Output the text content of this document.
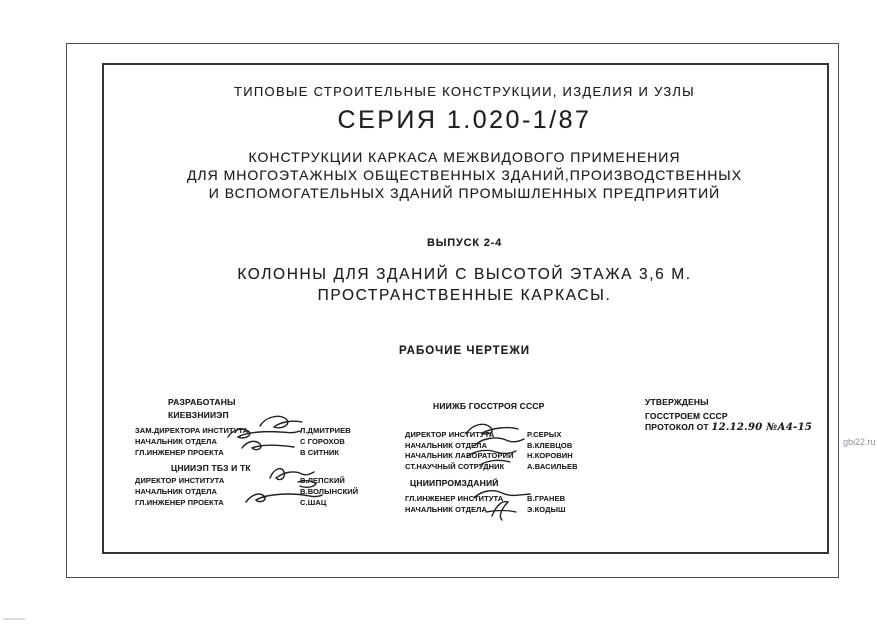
ТИПОВЫЕ СТРОИТЕЛЬНЫЕ КОНСТРУКЦИИ, ИЗДЕЛИЯ И УЗЛЫ
СЕРИЯ 1.020-1/87
КОНСТРУКЦИИ КАРКАСА МЕЖВИДОВОГО ПРИМЕНЕНИЯ
ДЛЯ МНОГОЭТАЖНЫХ ОБЩЕСТВЕННЫХ ЗДАНИЙ,ПРОИЗВОДСТВЕННЫХ
И ВСПОМОГАТЕЛЬНЫХ ЗДАНИЙ ПРОМЫШЛЕННЫХ ПРЕДПРИЯТИЙ
ВЫПУСК 2-4
КОЛОННЫ ДЛЯ ЗДАНИЙ С ВЫСОТОЙ ЭТАЖА 3,6 М.
ПРОСТРАНСТВЕННЫЕ КАРКАСЫ.
РАБОЧИЕ ЧЕРТЕЖИ
РАЗРАБОТАНЫ
КИЕВЗНИИЭП
ЗАМ.ДИРЕКТОРА ИНСТИТУТА	Л.ДМИТРИЕВ
НАЧАЛЬНИК ОТДЕЛА	С ГОРОХОВ
ГЛ.ИНЖЕНЕР ПРОЕКТА	В СИТНИК
ЦНИИЭП ТБЗ И ТК
ДИРЕКТОР ИНСТИТУТА	В.ЛЕПСКИЙ
НАЧАЛЬНИК ОТДЕЛА	В.ВОЛЫНСКИЙ
ГЛ.ИНЖЕНЕР ПРОЕКТА	С.ШАЦ
НИИЖБ ГОССТРОЯ СССР
ДИРЕКТОР ИНСТИТУТА	Р.СЕРЫХ
НАЧАЛЬНИК ОТДЕЛА	В.КЛЕВЦОВ
НАЧАЛЬНИК ЛАБОРАТОРИИ Н.КОРОВИН
СТ.НАУЧНЫЙ СОТРУДНИК	А.ВАСИЛЬЕВ
ЦНИИПРОМЗДАНИЙ
ГЛ.ИНЖЕНЕР ИНСТИТУТА	В.ГРАНЕВ
НАЧАЛЬНИК ОТДЕЛА	Э.КОДЫШ
УТВЕРЖДЕНЫ
ГОССТРОЕМ СССР
ПРОТОКОЛ ОТ 12.12.90 №А4-15
gbi22.ru
